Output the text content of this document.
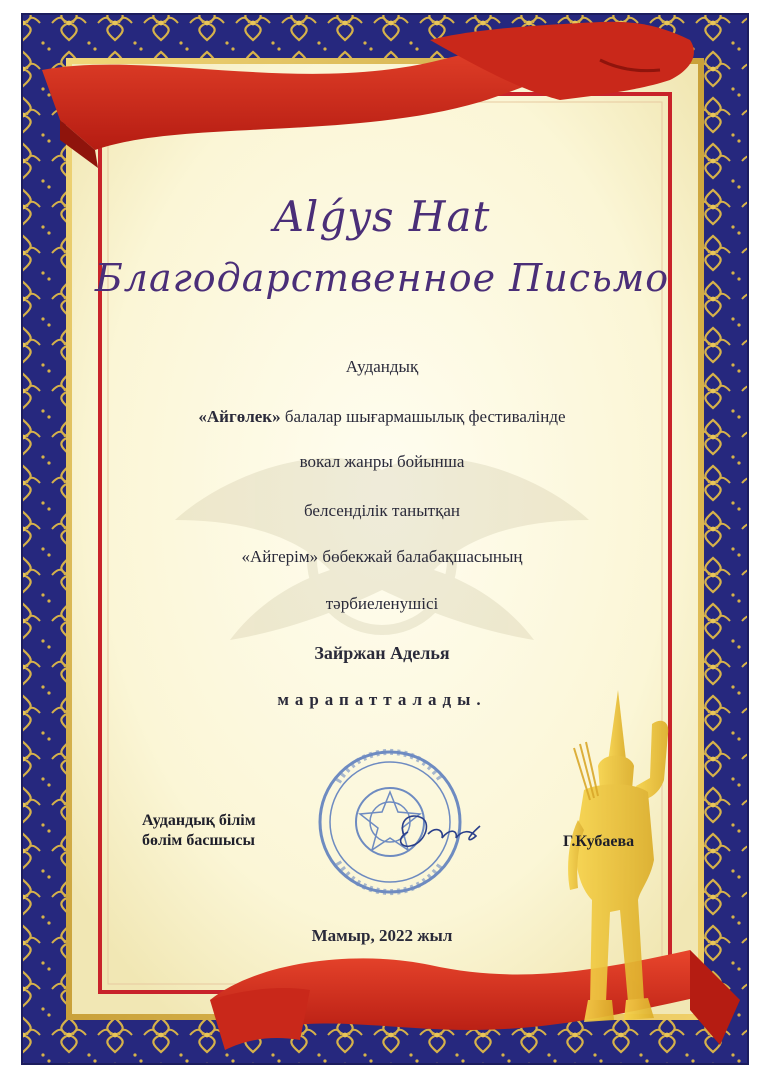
Alǵys Hat
Благодарственное Письмо
Аудандық
«Айгөлек» балалар шығармашылық фестивалінде
вокал жанры бойынша
белсенділік танытқан
«Айгерім» бөбекжай балабақшасының
тәрбиеленушісі
Зайржан Аделья
марапатталады.
Аудандық білім
бөлім басшысы	Г.Кубаева
Мамыр, 2022 жыл
